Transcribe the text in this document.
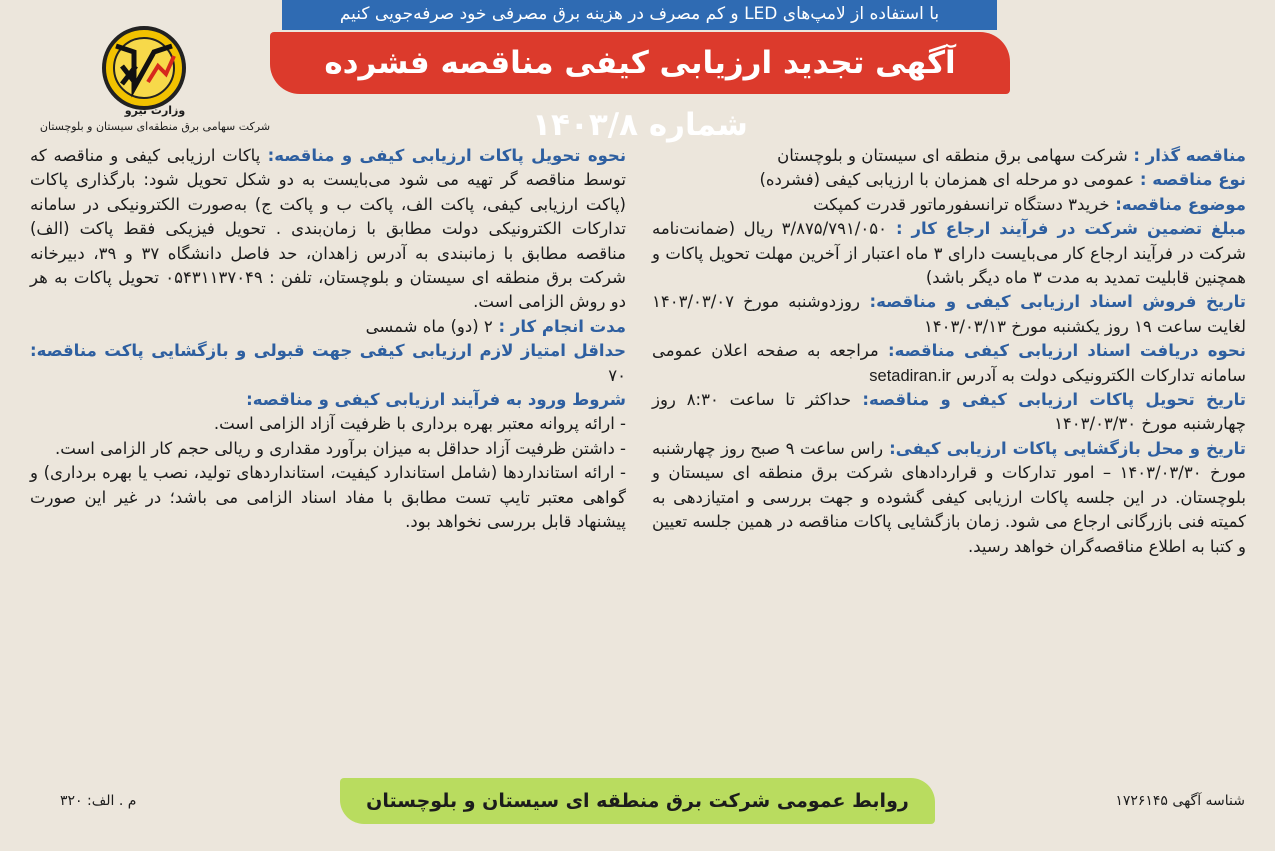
با استفاده از لامپ‌های LED و کم مصرف در هزینه برق مصرفی خود صرفه‌جویی کنیم
آگهی تجدید ارزیابی کیفی مناقصه فشرده شماره ۱۴۰۳/۸
وزارت نیرو
شرکت سهامی برق منطقه‌ای سیستان و بلوچستان

مناقصه گذار : شرکت سهامی برق منطقه ای سیستان و بلوچستان

نوع مناقصه : عمومی دو مرحله ای همزمان با ارزیابی کیفی (فشرده)

موضوع مناقصه: خرید۳ دستگاه ترانسفورماتور قدرت کمپکت

مبلغ تضمین شرکت در فرآیند ارجاع کار : ۳/۸۷۵/۷۹۱/۰۵۰ ریال (ضمانت‌نامه شرکت در فرآیند ارجاع کار می‌بایست دارای ۳ ماه اعتبار از آخرین مهلت تحویل پاکات و همچنین قابلیت تمدید به مدت ۳ ماه دیگر باشد)

تاریخ فروش اسناد ارزیابی کیفی و مناقصه: روزدوشنبه مورخ ۱۴۰۳/۰۳/۰۷ لغایت ساعت ۱۹ روز یکشنبه مورخ ۱۴۰۳/۰۳/۱۳

نحوه دریافت اسناد ارزیابی کیفی مناقصه: مراجعه به صفحه اعلان عمومی سامانه تدارکات الکترونیکی دولت به آدرس setadiran.ir

تاریخ تحویل پاکات ارزیابی کیفی و مناقصه: حداکثر تا ساعت ۸:۳۰ روز چهارشنبه مورخ ۱۴۰۳/۰۳/۳۰

تاریخ و محل بازگشایی پاکات ارزیابی کیفی: راس ساعت ۹ صبح روز چهارشنبه مورخ ۱۴۰۳/۰۳/۳۰ – امور تدارکات و قراردادهای شرکت برق منطقه ای سیستان و بلوچستان. در این جلسه پاکات ارزیابی کیفی گشوده و جهت بررسی و امتیازدهی به کمیته فنی بازرگانی ارجاع می شود. زمان بازگشایی پاکات مناقصه در همین جلسه تعیین و کتبا به اطلاع مناقصه‌گران خواهد رسید.

نحوه تحویل پاکات ارزیابی کیفی و مناقصه: پاکات ارزیابی کیفی و مناقصه که توسط مناقصه گر تهیه می شود می‌بایست به دو شکل تحویل شود: بارگذاری پاکات (پاکت ارزیابی کیفی، پاکت الف، پاکت ب و پاکت ج) به‌صورت الکترونیکی در سامانه تدارکات الکترونیکی دولت مطابق با زمان‌بندی . تحویل فیزیکی فقط پاکت (الف) مناقصه مطابق با زمانبندی به آدرس زاهدان، حد فاصل دانشگاه ۳۷ و ۳۹، دبیرخانه شرکت برق منطقه ای سیستان و بلوچستان، تلفن : ۰۵۴۳۱۱۳۷۰۴۹ تحویل پاکات به هر دو روش الزامی است.

مدت انجام کار : ۲ (دو) ماه شمسی

حداقل امتیاز لازم ارزیابی کیفی جهت قبولی و بازگشایی پاکت مناقصه: ۷۰

شروط ورود به فرآیند ارزیابی کیفی و مناقصه:

- ارائه پروانه معتبر بهره برداری با ظرفیت آزاد الزامی است.

- داشتن ظرفیت آزاد حداقل به میزان برآورد مقداری و ریالی حجم کار الزامی است.

- ارائه استانداردها (شامل استاندارد کیفیت، استانداردهای تولید، نصب یا بهره برداری) و گواهی معتبر تایپ تست مطابق با مفاد اسناد الزامی می باشد؛ در غیر این صورت پیشنهاد قابل بررسی نخواهد بود.

روابط عمومی شرکت برق منطقه ای سیستان و بلوچستان	شناسه آگهی ۱۷۲۶۱۴۵
م . الف: ۳۲۰
